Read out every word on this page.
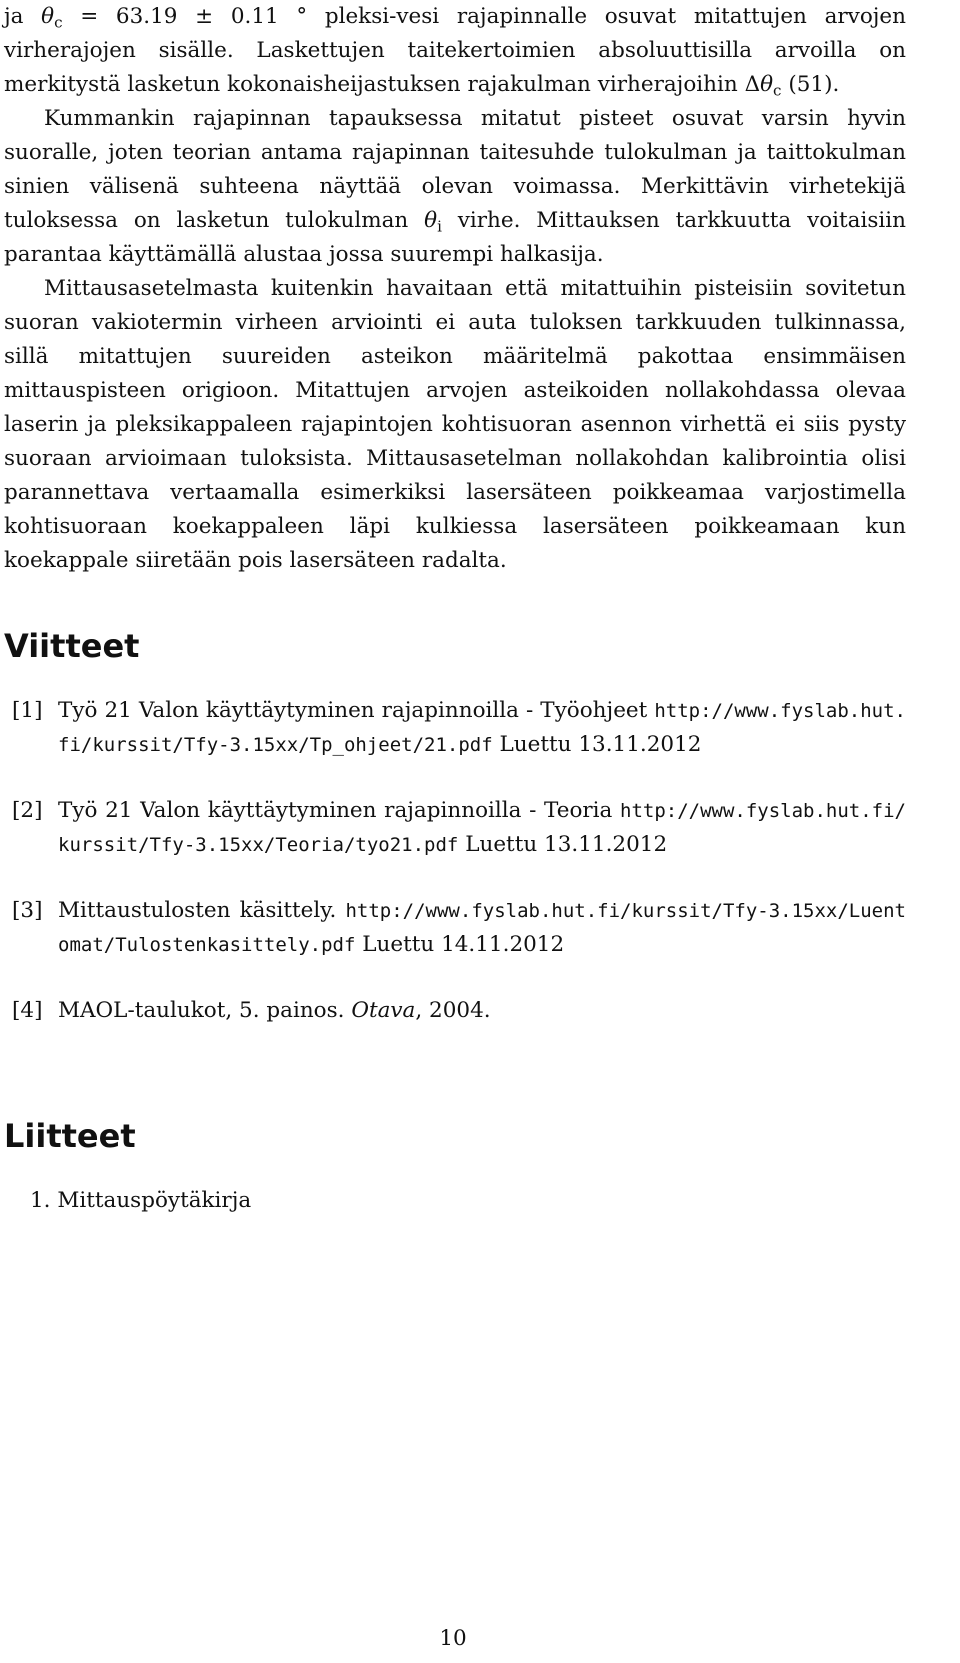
ja $\theta_c = 63.19 \pm 0.11$ ° pleksi-vesi rajapinnalle osuvat mitattujen arvojen virherajojen sisälle. Laskettujen taitekertoimien absoluuttisilla arvoilla on merkitystä lasketun kokonaisheijastuksen rajakulman virherajoihin $\Delta\theta_c$ (51).

Kummankin rajapinnan tapauksessa mitatut pisteet osuvat varsin hyvin suoralle, joten teorian antama rajapinnan taitesuhde tulokulman ja taittokulman sinien välisenä suhteena näyttää olevan voimassa. Merkittävin virhetekijä tuloksessa on lasketun tulokulman $\theta_i$ virhe. Mittauksen tarkkuutta voitaisiin parantaa käyttämällä alustaa jossa suurempi halkasija.

Mittausasetelmasta kuitenkin havaitaan että mitattuihin pisteisiin sovitetun suoran vakiotermin virheen arviointi ei auta tuloksen tarkkuuden tulkinnassa, sillä mitattujen suureiden asteikon määritelmä pakottaa ensimmäisen mittauspisteen origioon. Mitattujen arvojen asteikoiden nollakohdassa olevaa laserin ja pleksikappaleen rajapintojen kohtisuoran asennon virhettä ei siis pysty suoraan arvioimaan tuloksista. Mittausasetelman nollakohdan kalibrointia olisi parannettava vertaamalla esimerkiksi lasersäteen poikkeamaa varjostimella kohtisuoraan koekappaleen läpi kulkiessa lasersäteen poikkeamaan kun koekappale siiretään pois lasersäteen radalta.

Viitteet
[1] Työ 21 Valon käyttäytyminen rajapinnoilla - Työohjeet http://www.fyslab.hut.fi/kurssit/Tfy-3.15xx/Tp_ohjeet/21.pdf Luettu 13.11.2012
[2] Työ 21 Valon käyttäytyminen rajapinnoilla - Teoria http://www.fyslab.hut.fi/kurssit/Tfy-3.15xx/Teoria/tyo21.pdf Luettu 13.11.2012
[3] Mittaustulosten käsittely. http://www.fyslab.hut.fi/kurssit/Tfy-3.15xx/Luentomat/Tulostenkasittely.pdf Luettu 14.11.2012
[4] MAOL-taulukot, 5. painos. Otava, 2004.
Liitteet
1. Mittauspöytäkirja
10
